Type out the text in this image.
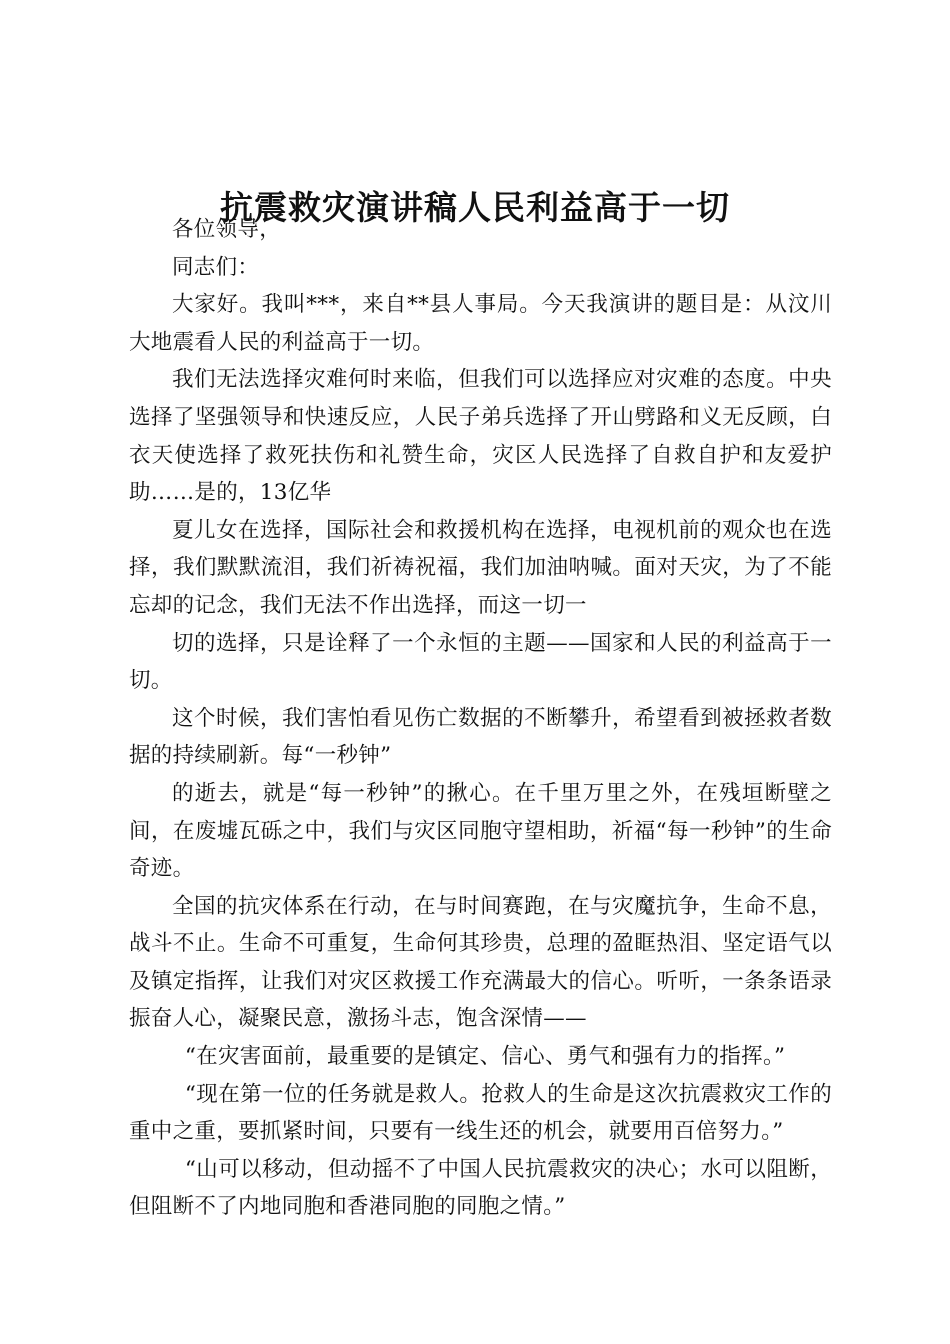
抗震救灾演讲稿人民利益高于一切

各位领导，

同志们：

大家好。我叫***，来自**县人事局。今天我演讲的题目是：从汶川大地震看人民的利益高于一切。

我们无法选择灾难何时来临，但我们可以选择应对灾难的态度。中央选择了坚强领导和快速反应，人民子弟兵选择了开山劈路和义无反顾，白衣天使选择了救死扶伤和礼赞生命，灾区人民选择了自救自护和友爱护助……是的，13亿华

夏儿女在选择，国际社会和救援机构在选择，电视机前的观众也在选择，我们默默流泪，我们祈祷祝福，我们加油呐喊。面对天灾，为了不能忘却的记念，我们无法不作出选择，而这一切一

切的选择，只是诠释了一个永恒的主题——国家和人民的利益高于一切。

这个时候，我们害怕看见伤亡数据的不断攀升，希望看到被拯救者数据的持续刷新。每“一秒钟”

的逝去，就是“每一秒钟”的揪心。在千里万里之外，在残垣断壁之间，在废墟瓦砾之中，我们与灾区同胞守望相助，祈福“每一秒钟”的生命奇迹。

全国的抗灾体系在行动，在与时间赛跑，在与灾魔抗争，生命不息，战斗不止。生命不可重复，生命何其珍贵，总理的盈眶热泪、坚定语气以及镇定指挥，让我们对灾区救援工作充满最大的信心。听听，一条条语录振奋人心，凝聚民意，激扬斗志，饱含深情——

“在灾害面前，最重要的是镇定、信心、勇气和强有力的指挥。”

“现在第一位的任务就是救人。抢救人的生命是这次抗震救灾工作的重中之重，要抓紧时间，只要有一线生还的机会，就要用百倍努力。”

“山可以移动，但动摇不了中国人民抗震救灾的决心；水可以阻断，但阻断不了内地同胞和香港同胞的同胞之情。”
